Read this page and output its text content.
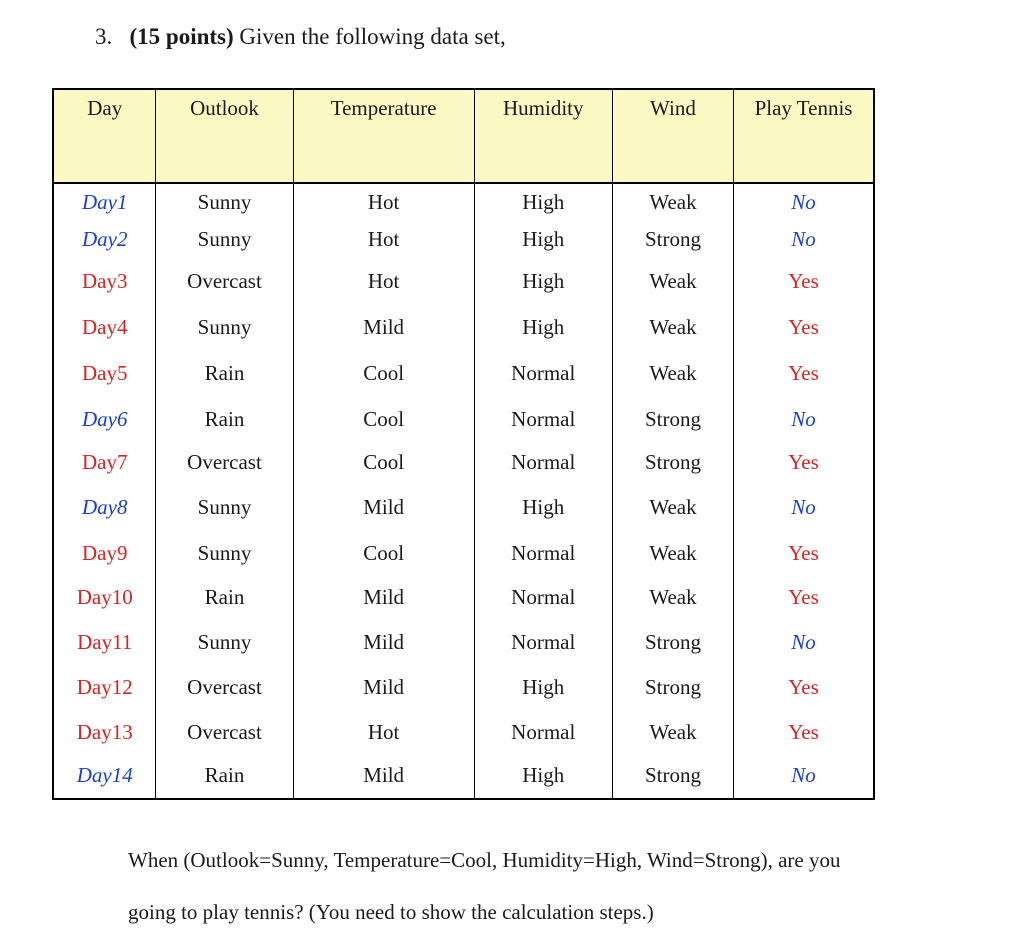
3. (15 points) Given the following data set,
Day	Outlook	Temperature	Humidity	Wind	Play Tennis
Day1	Sunny	Hot	High	Weak	No
Day2	Sunny	Hot	High	Strong	No
Day3	Overcast	Hot	High	Weak	Yes
Day4	Sunny	Mild	High	Weak	Yes
Day5	Rain	Cool	Normal	Weak	Yes
Day6	Rain	Cool	Normal	Strong	No
Day7	Overcast	Cool	Normal	Strong	Yes
Day8	Sunny	Mild	High	Weak	No
Day9	Sunny	Cool	Normal	Weak	Yes
Day10	Rain	Mild	Normal	Weak	Yes
Day11	Sunny	Mild	Normal	Strong	No
Day12	Overcast	Mild	High	Strong	Yes
Day13	Overcast	Hot	Normal	Weak	Yes
Day14	Rain	Mild	High	Strong	No
When (Outlook=Sunny, Temperature=Cool, Humidity=High, Wind=Strong), are you
going to play tennis? (You need to show the calculation steps.)
